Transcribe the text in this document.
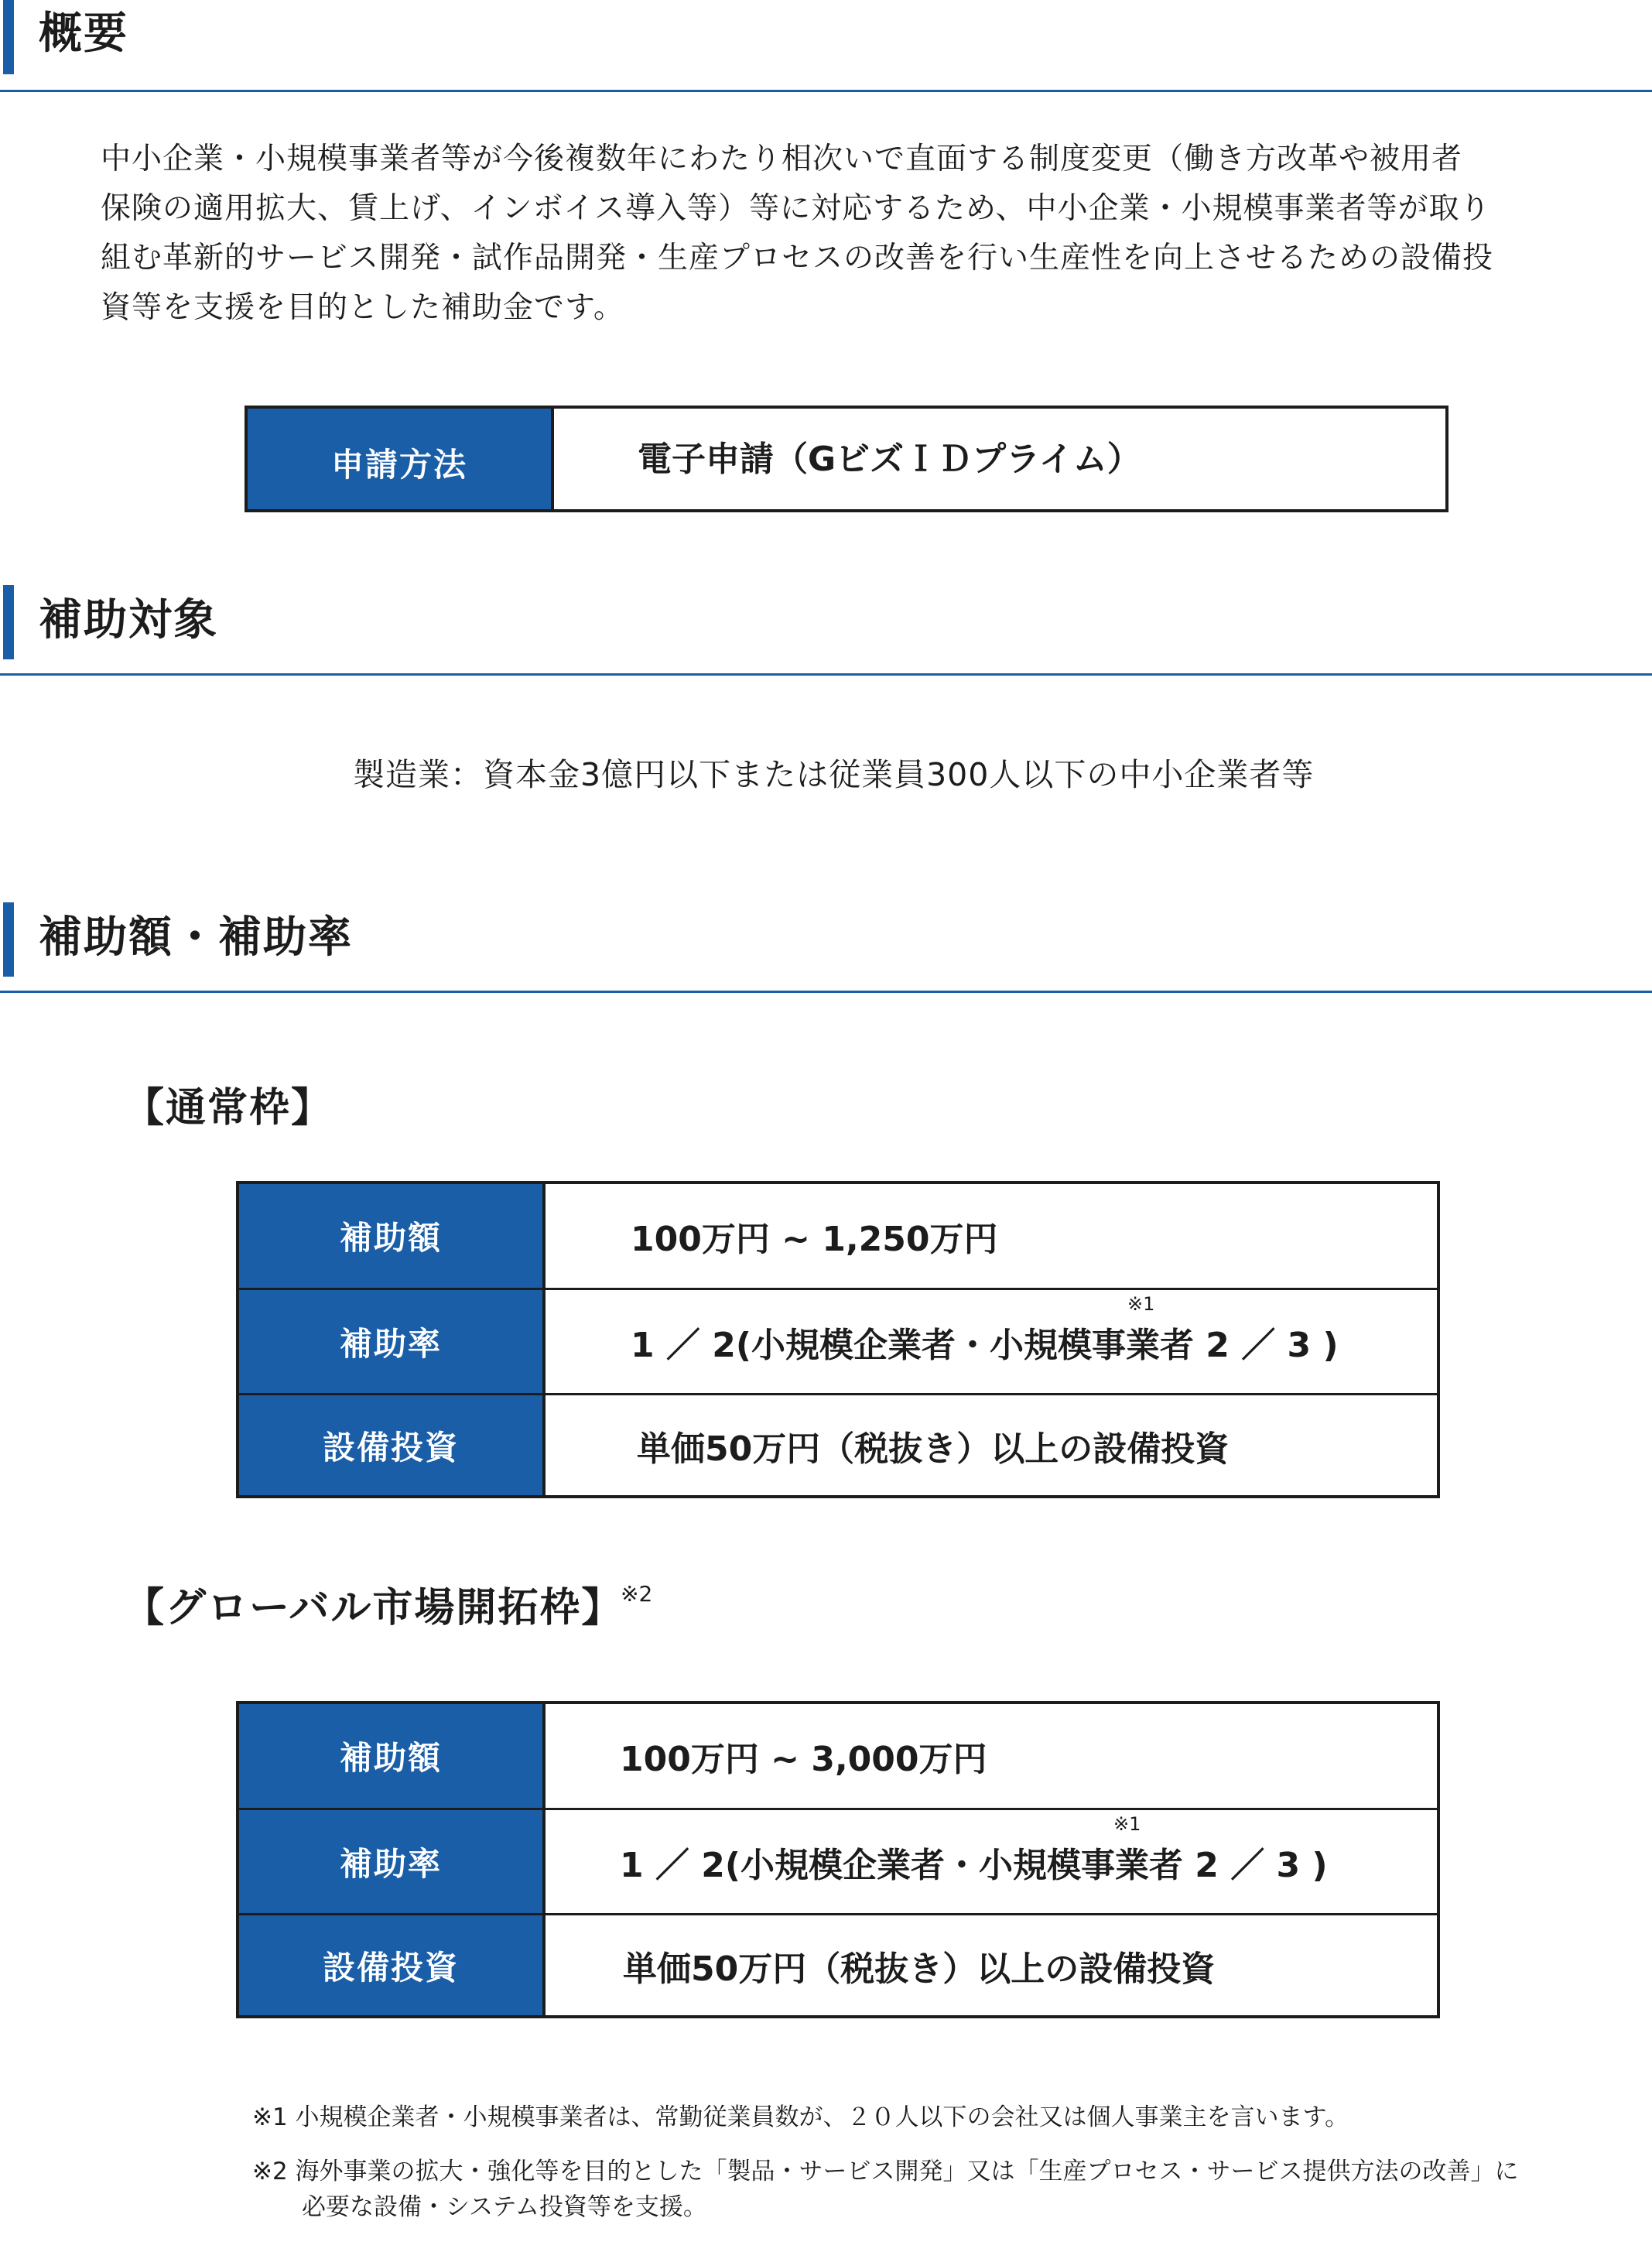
概要
中小企業・小規模事業者等が今後複数年にわたり相次いで直面する制度変更（働き方改革や被用者
保険の適用拡大、賃上げ、インボイス導入等）等に対応するため、中小企業・小規模事業者等が取り
組む革新的サービス開発・試作品開発・生産プロセスの改善を行い生産性を向上させるための設備投
資等を支援を目的とした補助金です。
申請方法	電子申請（GビズＩＤプライム）
補助対象
製造業：資本金3億円以下または従業員300人以下の中小企業者等
補助額・補助率
【通常枠】
補助額	100万円 ~ 1,250万円
補助率	1 ／ 2(小規模企業者・小規模事業者 2 ／ 3 )
※1
設備投資	単価50万円（税抜き）以上の設備投資
【グローバル市場開拓枠】
※2
補助額	100万円 ~ 3,000万円
補助率	1 ／ 2(小規模企業者・小規模事業者 2 ／ 3 )
※1
設備投資	単価50万円（税抜き）以上の設備投資
※1 小規模企業者・小規模事業者は、常勤従業員数が、２０人以下の会社又は個人事業主を言います。
※2 海外事業の拡大・強化等を目的とした「製品・サービス開発」又は「生産プロセス・サービス提供方法の改善」に
必要な設備・システム投資等を支援。
